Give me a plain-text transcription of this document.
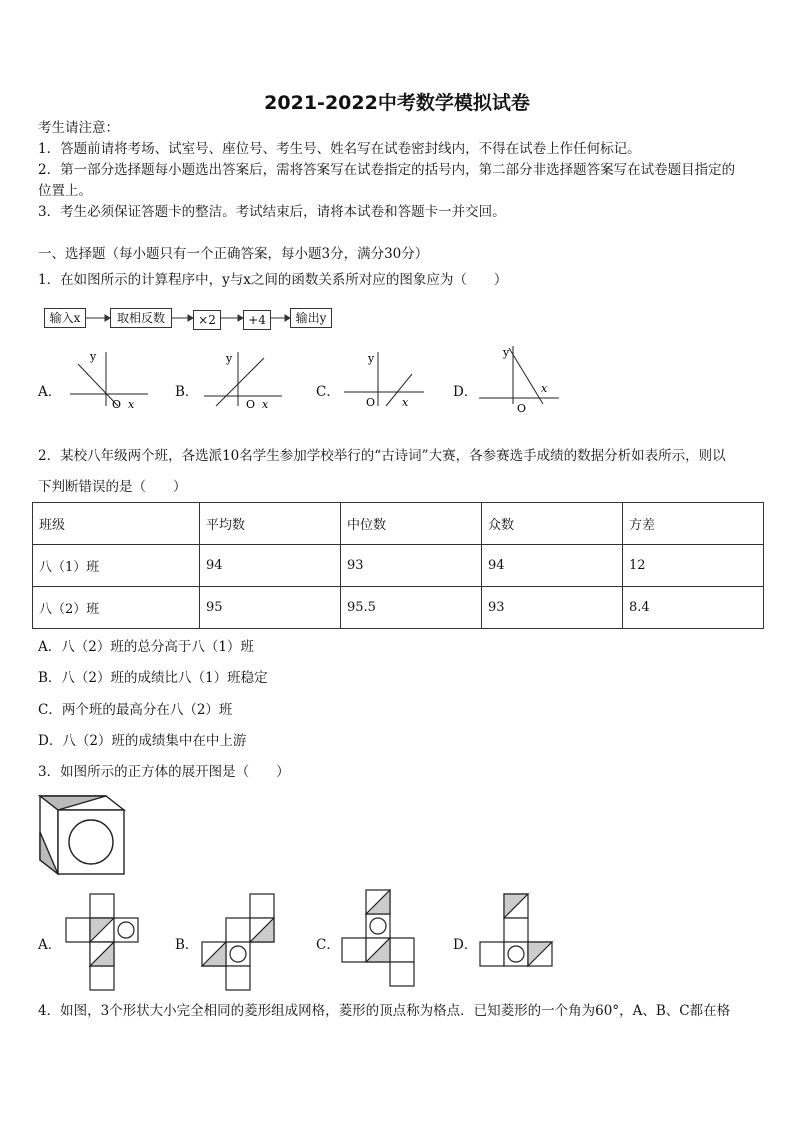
2021-2022中考数学模拟试卷
考生请注意：
1．答题前请将考场、试室号、座位号、考生号、姓名写在试卷密封线内，不得在试卷上作任何标记。
2．第一部分选择题每小题选出答案后，需将答案写在试卷指定的括号内，第二部分非选择题答案写在试卷题目指定的
位置上。
3．考生必须保证答题卡的整洁。考试结束后，请将本试卷和答题卡一并交回。
一、选择题（每小题只有一个正确答案，每小题3分，满分30分）
1．在如图所示的计算程序中，y与x之间的函数关系所对应的图象应为（　　）
输入x	取相反数	×2	+4	输出y
A．
y
O x
B．
y
O x
C．
y
O x
D．
y
O
x
2．某校八年级两个班，各选派10名学生参加学校举行的“古诗词”大赛，各参赛选手成绩的数据分析如表所示，则以
下判断错误的是（　　）
班级	平均数	中位数	众数	方差
八（1）班	94	93	94	12
八（2）班	95	95.5	93	8.4
A．八（2）班的总分高于八（1）班
B．八（2）班的成绩比八（1）班稳定
C．两个班的最高分在八（2）班
D．八（2）班的成绩集中在中上游
3．如图所示的正方体的展开图是（　　）
A．	B．	C．	D．
4．如图，3个形状大小完全相同的菱形组成网格，菱形的顶点称为格点．已知菱形的一个角为60°，A、B、C都在格
